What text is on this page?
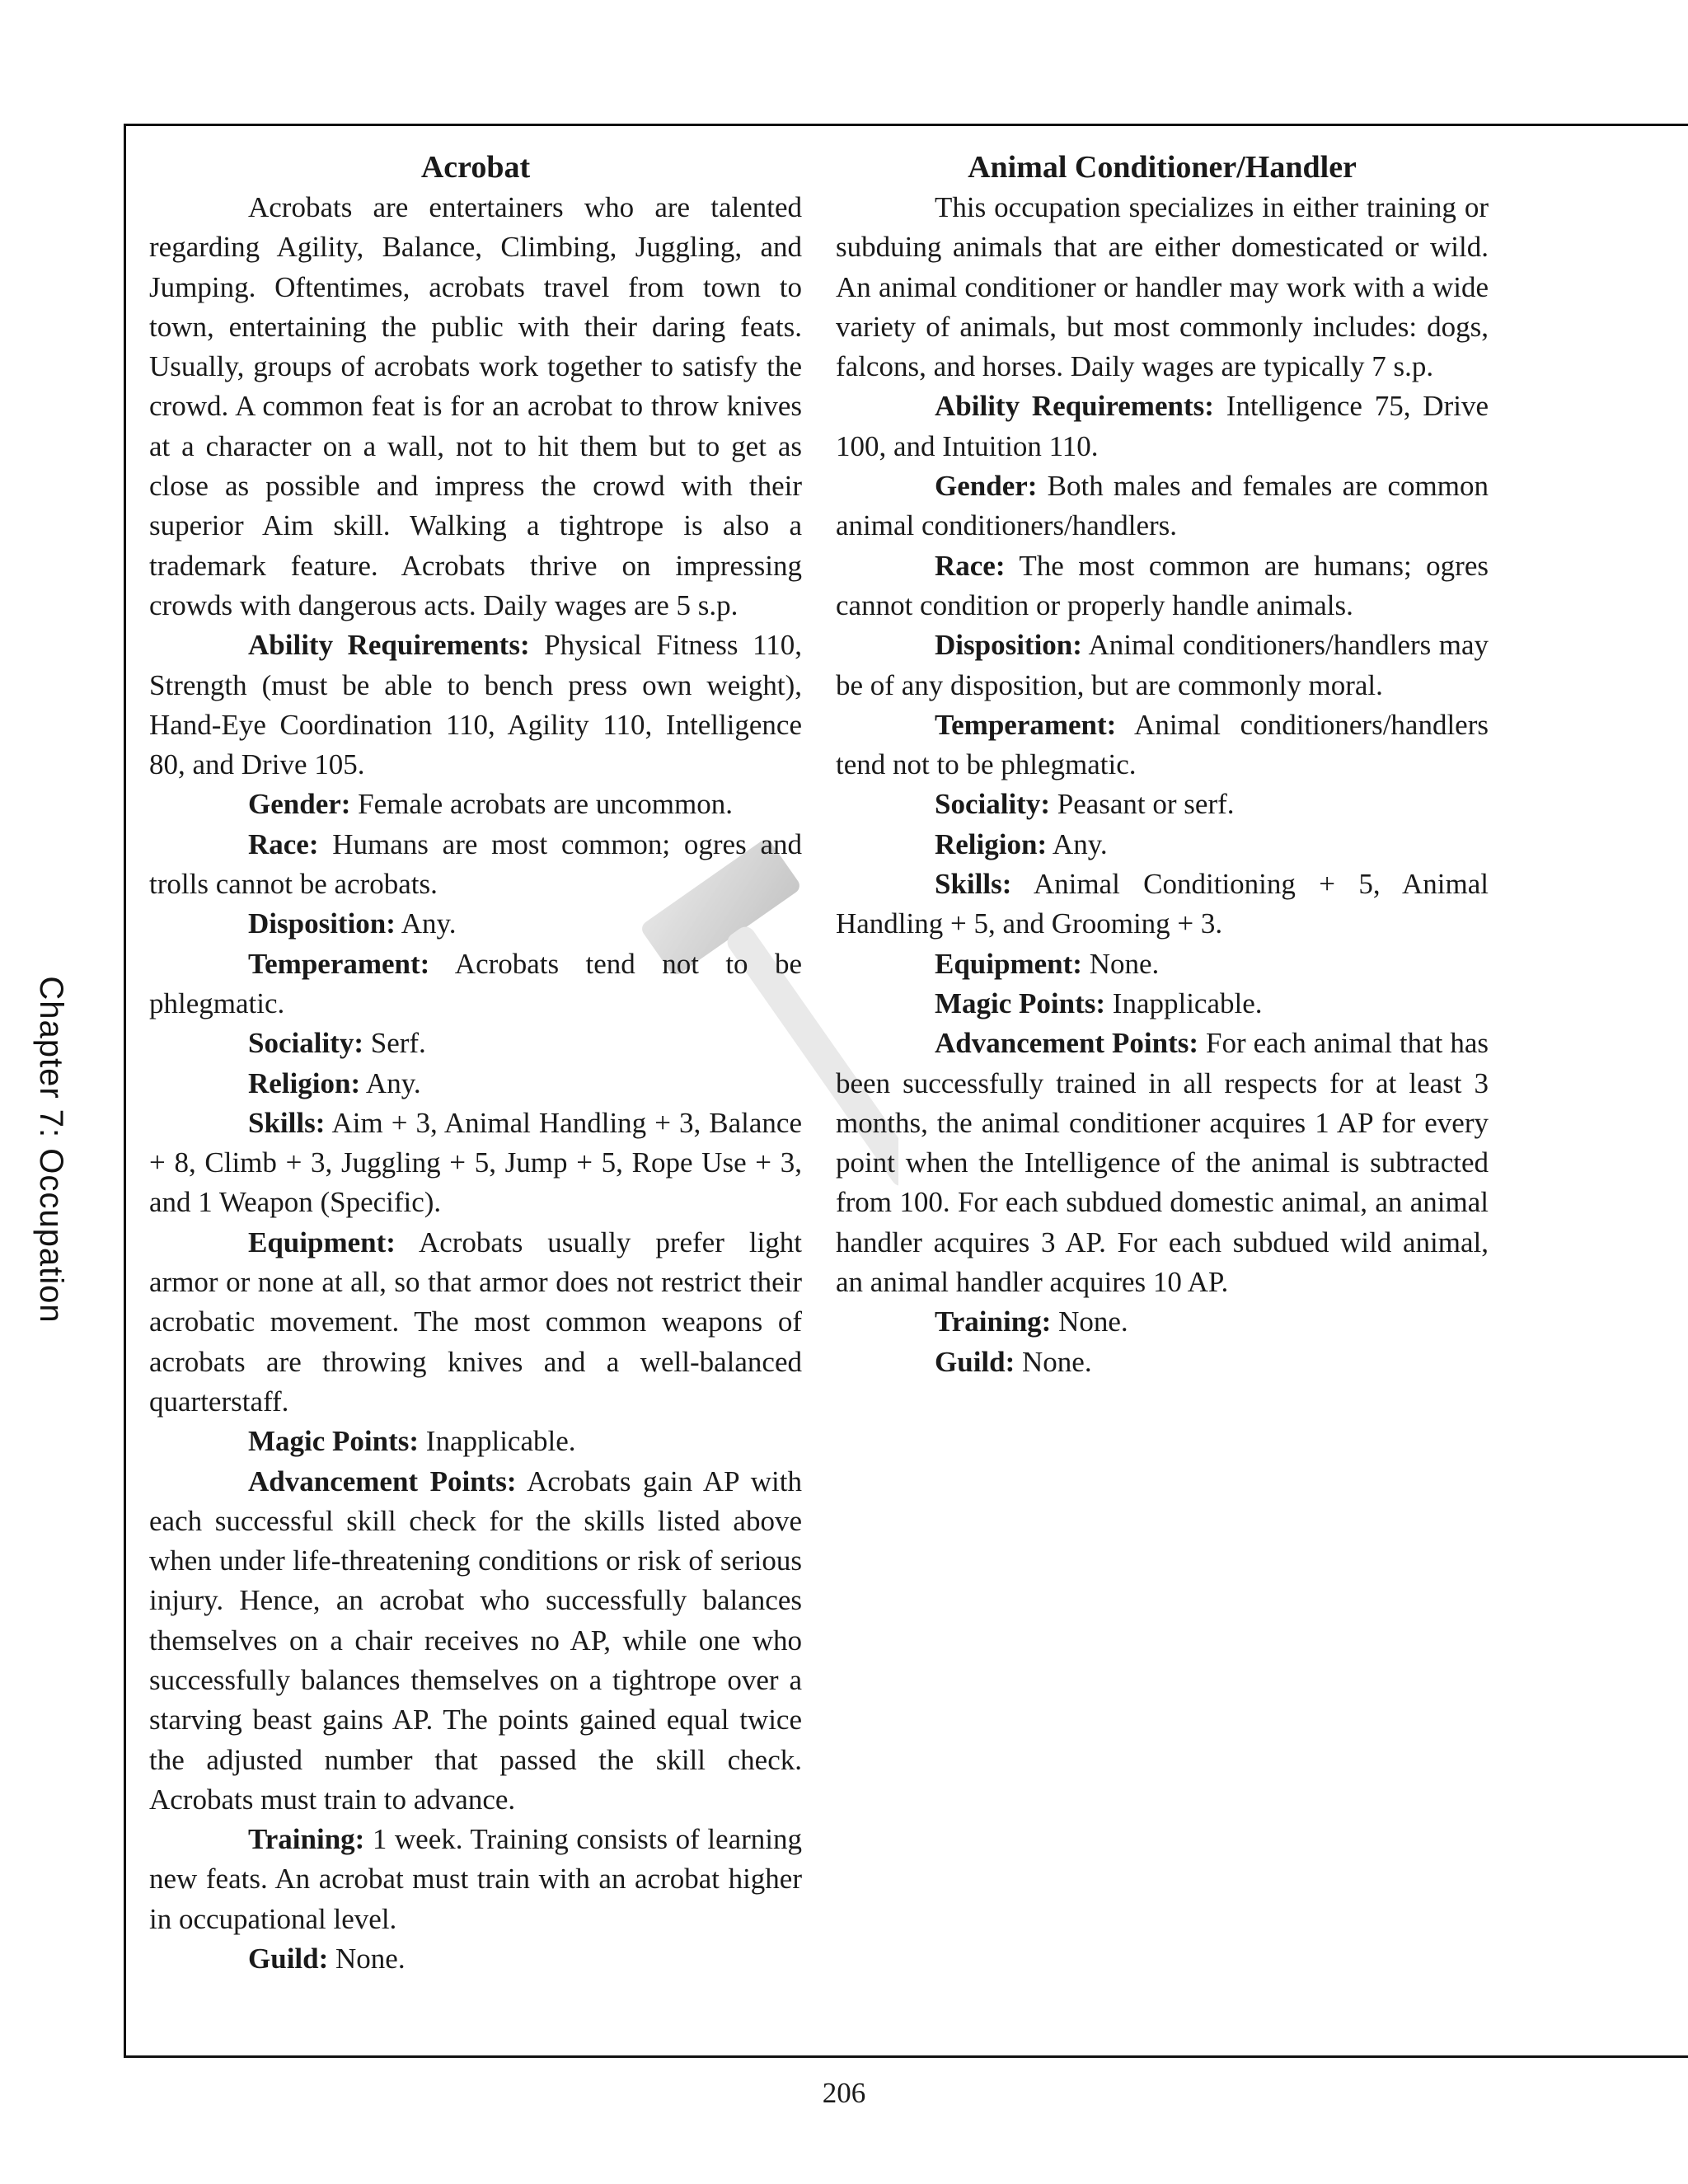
Chapter 7: Occupation
Acrobat

Acrobats are entertainers who are talented regarding Agility, Balance, Climbing, Juggling, and Jumping. Oftentimes, acrobats travel from town to town, entertaining the public with their daring feats. Usually, groups of acrobats work together to satisfy the crowd. A common feat is for an acrobat to throw knives at a character on a wall, not to hit them but to get as close as possible and impress the crowd with their superior Aim skill. Walking a tightrope is also a trademark feature. Acrobats thrive on impressing crowds with dangerous acts. Daily wages are 5 s.p.

Ability Requirements: Physical Fitness 110, Strength (must be able to bench press own weight), Hand-Eye Coordination 110, Agility 110, Intelligence 80, and Drive 105.

Gender: Female acrobats are uncommon.

Race: Humans are most common; ogres and trolls cannot be acrobats.

Disposition: Any.

Temperament: Acrobats tend not to be phlegmatic.

Sociality: Serf.

Religion: Any.

Skills: Aim + 3, Animal Handling + 3, Balance + 8, Climb + 3, Juggling + 5, Jump + 5, Rope Use + 3, and 1 Weapon (Specific).

Equipment: Acrobats usually prefer light armor or none at all, so that armor does not restrict their acrobatic movement. The most common weapons of acrobats are throwing knives and a well-balanced quarterstaff.

Magic Points: Inapplicable.

Advancement Points: Acrobats gain AP with each successful skill check for the skills listed above when under life-threatening conditions or risk of serious injury. Hence, an acrobat who successfully balances themselves on a chair receives no AP, while one who successfully balances themselves on a tightrope over a starving beast gains AP. The points gained equal twice the adjusted number that passed the skill check. Acrobats must train to advance.

Training: 1 week. Training consists of learning new feats. An acrobat must train with an acrobat higher in occupational level.

Guild: None.

Animal Conditioner/Handler

This occupation specializes in either training or subduing animals that are either domesticated or wild. An animal conditioner or handler may work with a wide variety of animals, but most commonly includes: dogs, falcons, and horses. Daily wages are typically 7 s.p.

Ability Requirements: Intelligence 75, Drive 100, and Intuition 110.

Gender: Both males and females are common animal conditioners/handlers.

Race: The most common are humans; ogres cannot condition or properly handle animals.

Disposition: Animal conditioners/handlers may be of any disposition, but are commonly moral.

Temperament: Animal conditioners/handlers tend not to be phlegmatic.

Sociality: Peasant or serf.

Religion: Any.

Skills: Animal Conditioning + 5, Animal Handling + 5, and Grooming + 3.

Equipment: None.

Magic Points: Inapplicable.

Advancement Points: For each animal that has been successfully trained in all respects for at least 3 months, the animal conditioner acquires 1 AP for every point when the Intelligence of the animal is subtracted from 100. For each subdued domestic animal, an animal handler acquires 3 AP. For each subdued wild animal, an animal handler acquires 10 AP.

Training: None.

Guild: None.

206
